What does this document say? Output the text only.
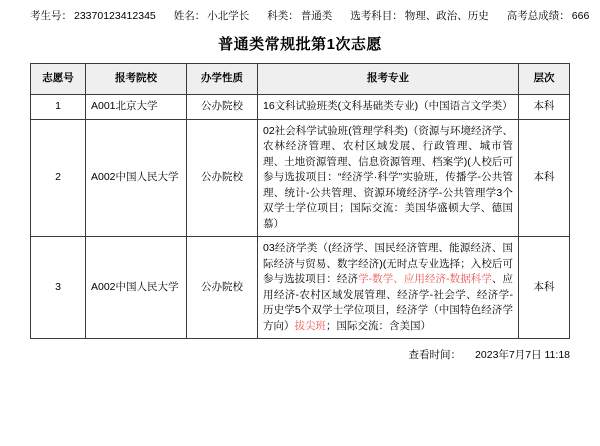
考生号： 23370123412345 姓名： 小北学长 科类： 普通类 选考科目： 物理、政治、历史 高考总成绩： 666
普通类常规批第1次志愿
志愿号	报考院校	办学性质	报考专业	层次
1	A001北京大学	公办院校	16文科试验班类(文科基础类专业)（中国语言文学类）	本科
2	A002中国人民大学	公办院校	02社会科学试验班(管理学科类)（资源与环境经济学、农林经济管理、农村区域发展、行政管理、城市管理、土地资源管理、信息资源管理、档案学)(人校后可参与选拔项目：“经济学·科学”实验班，传播学-公共管理、统计-公共管理、资源环境经济学-公共管理学3个双学士学位项目；国际交流：美国华盛顿大学、德国慕）	本科
3	A002中国人民大学	公办院校	03经济学类（(经济学、国民经济管理、能源经济、国际经济与贸易、数字经济)(无时点专业选择；入校后可参与选拔项目：经济学-数学、应用经济-数据科学、应用经济-农村区域发展管理、经济学-社会学、经济学-历史学5个双学士学位项目，经济学（中国特色经济学方向）拔尖班；国际交流：含美国）	本科
查看时间： 2023年7月7日 11:18
